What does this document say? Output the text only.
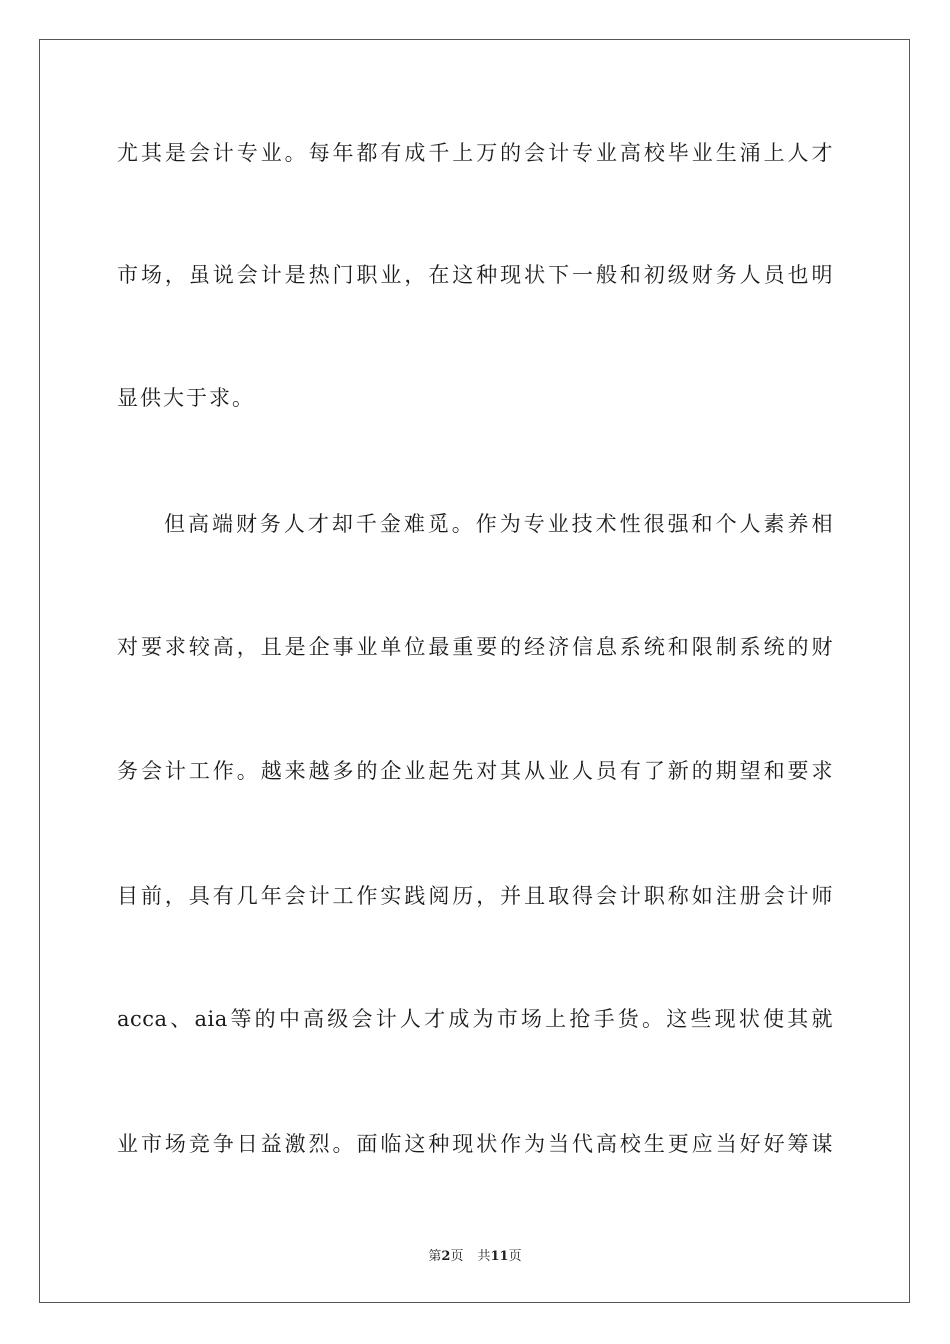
尤其是会计专业。每年都有成千上万的会计专业高校毕业生涌上人才
市场，虽说会计是热门职业，在这种现状下一般和初级财务人员也明
显供大于求。
但高端财务人才却千金难觅。作为专业技术性很强和个人素养相
对要求较高，且是企事业单位最重要的经济信息系统和限制系统的财
务会计工作。越来越多的企业起先对其从业人员有了新的期望和要求
目前，具有几年会计工作实践阅历，并且取得会计职称如注册会计师
acca、aia等的中高级会计人才成为市场上抢手货。这些现状使其就
业市场竞争日益激烈。面临这种现状作为当代高校生更应当好好筹谋
第2页 共11页
